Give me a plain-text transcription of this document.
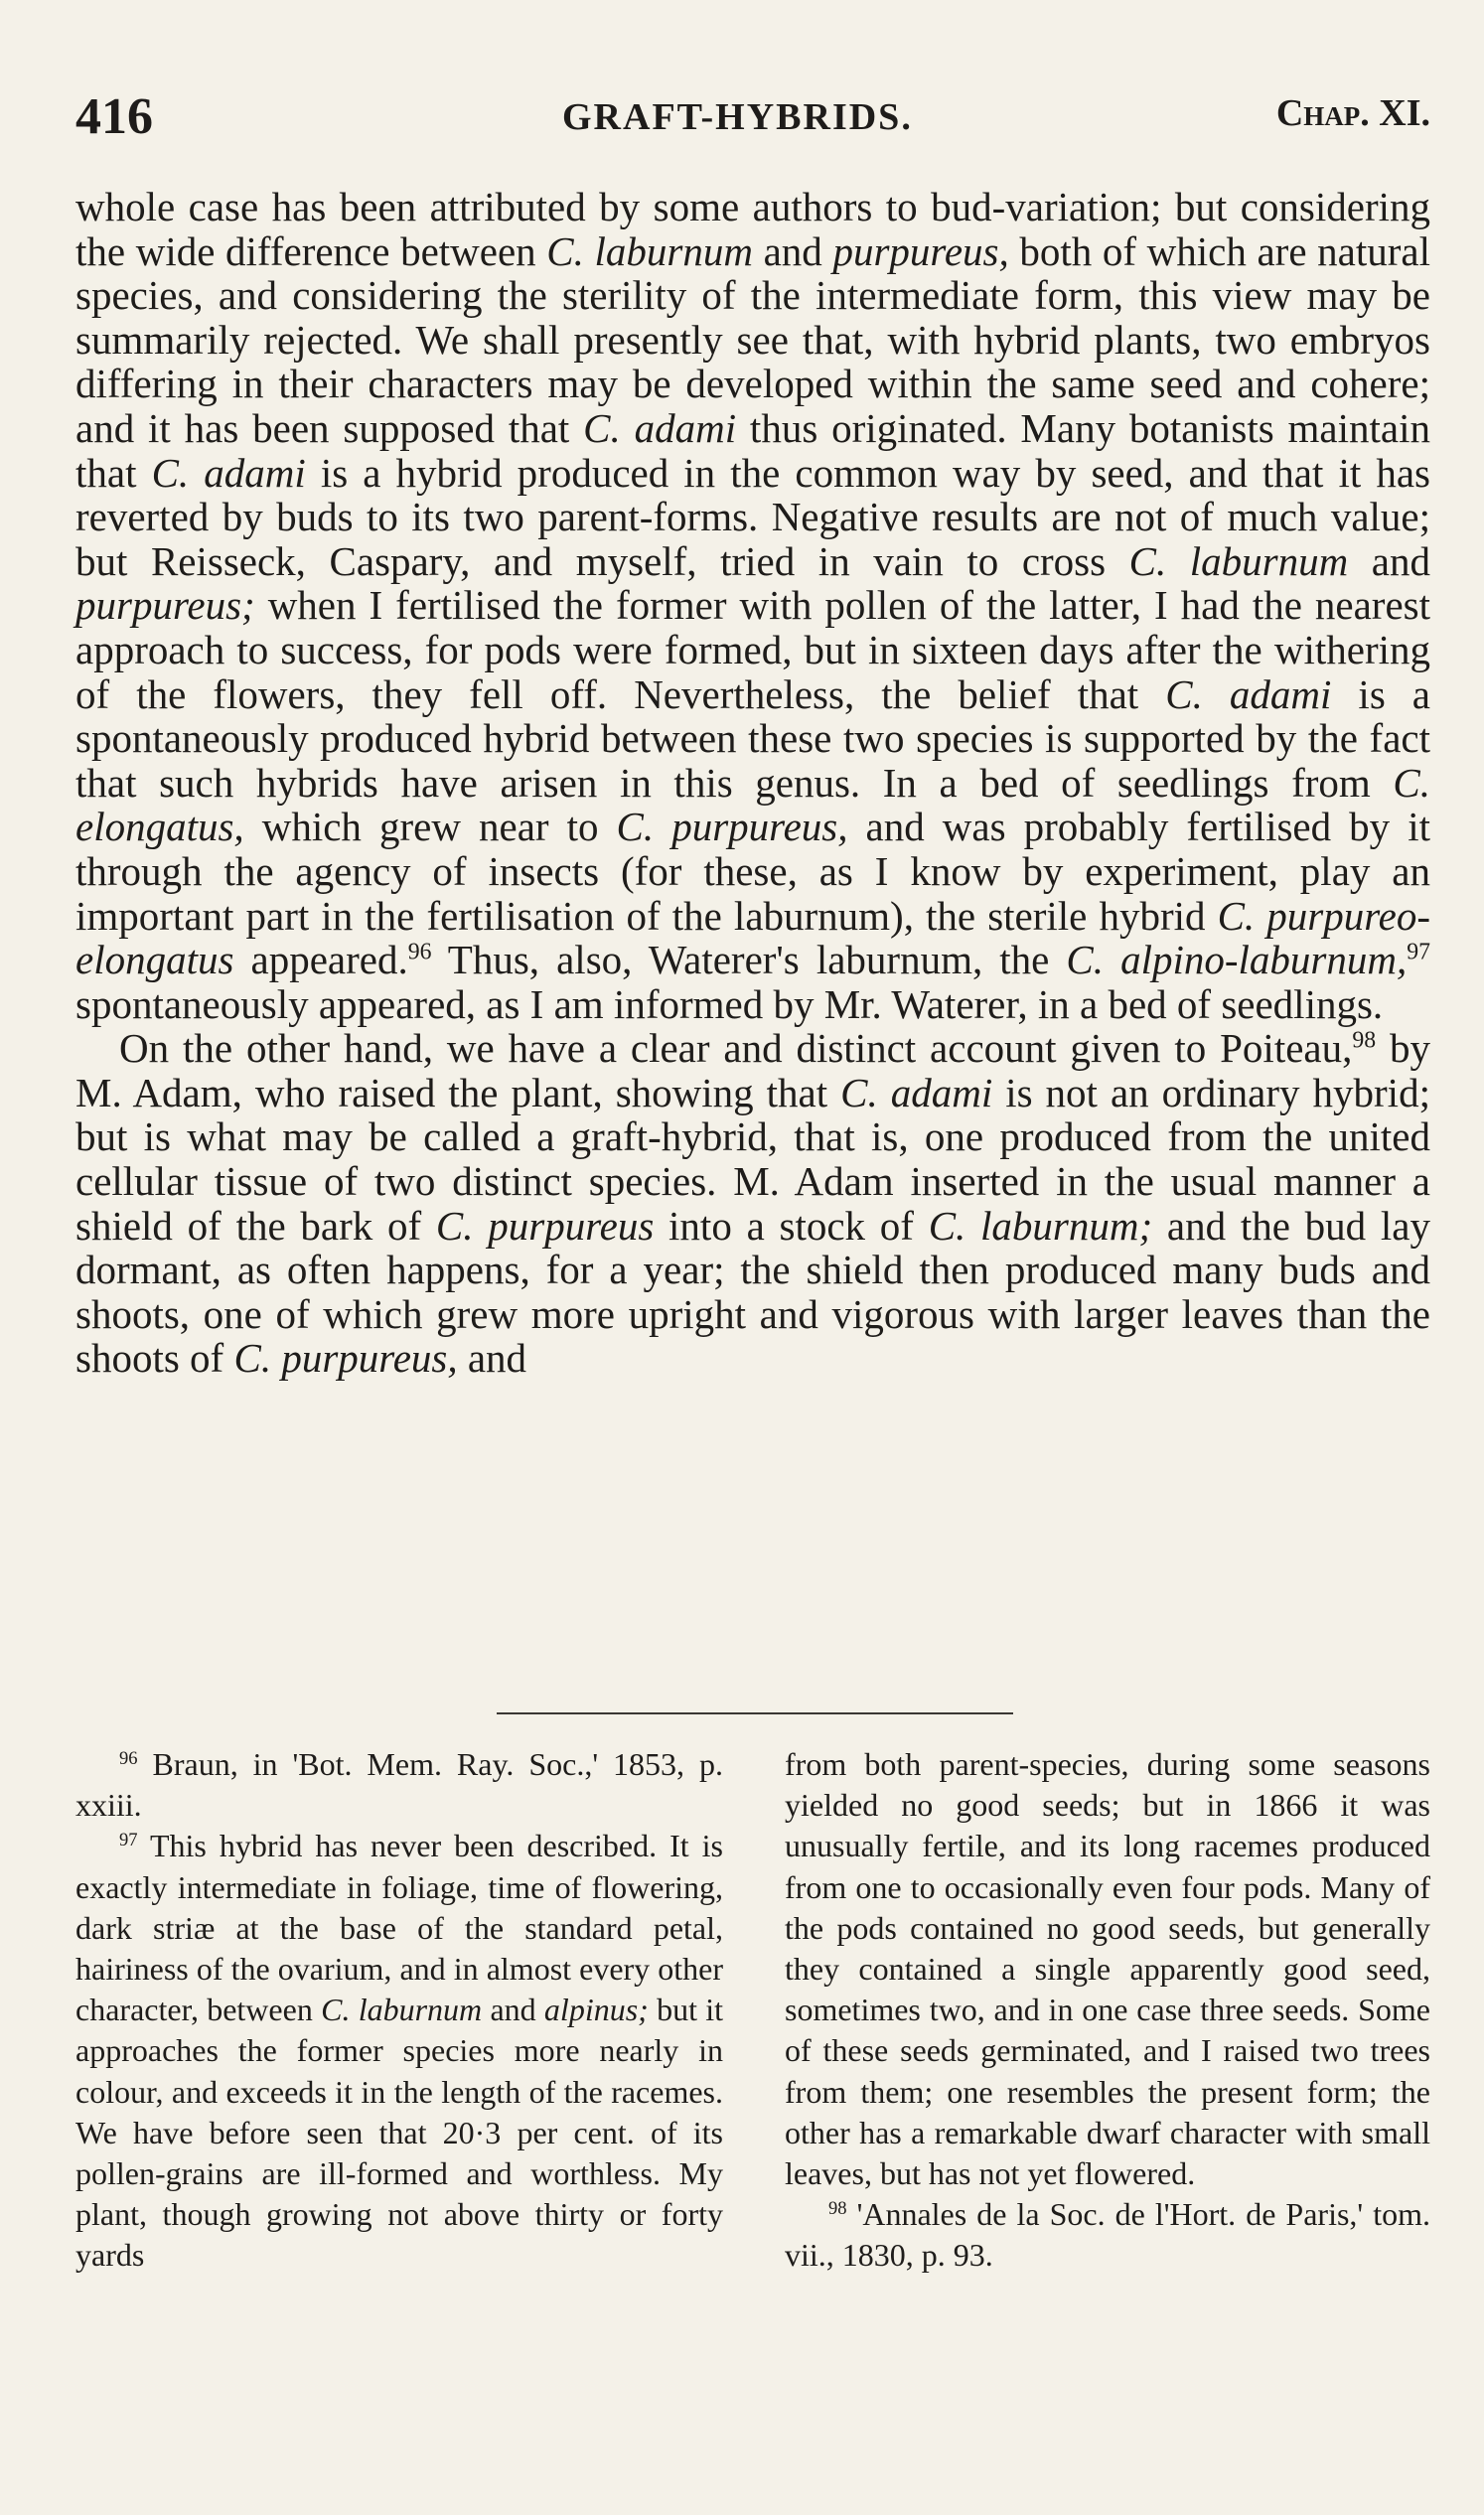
416	GRAFT-HYBRIDS.	Chap. XI.

whole case has been attributed by some authors to bud-variation; but considering the wide difference between C. laburnum and purpureus, both of which are natural species, and considering the sterility of the intermediate form, this view may be summarily rejected. We shall presently see that, with hybrid plants, two embryos differing in their characters may be developed within the same seed and cohere; and it has been supposed that C. adami thus originated. Many botanists maintain that C. adami is a hybrid produced in the common way by seed, and that it has reverted by buds to its two parent-forms. Negative results are not of much value; but Reisseck, Caspary, and myself, tried in vain to cross C. laburnum and purpureus; when I fertilised the former with pollen of the latter, I had the nearest approach to success, for pods were formed, but in sixteen days after the withering of the flowers, they fell off. Nevertheless, the belief that C. adami is a spontaneously produced hybrid between these two species is supported by the fact that such hybrids have arisen in this genus. In a bed of seedlings from C. elongatus, which grew near to C. purpureus, and was probably fertilised by it through the agency of insects (for these, as I know by experiment, play an important part in the fertilisation of the laburnum), the sterile hybrid C. purpureo-elongatus appeared.$^{96}$ Thus, also, Waterer's laburnum, the C. alpino-laburnum,$^{97}$ spontaneously appeared, as I am informed by Mr. Waterer, in a bed of seedlings.

On the other hand, we have a clear and distinct account given to Poiteau,$^{98}$ by M. Adam, who raised the plant, showing that C. adami is not an ordinary hybrid; but is what may be called a graft-hybrid, that is, one produced from the united cellular tissue of two distinct species. M. Adam inserted in the usual manner a shield of the bark of C. purpureus into a stock of C. laburnum; and the bud lay dormant, as often happens, for a year; the shield then produced many buds and shoots, one of which grew more upright and vigorous with larger leaves than the shoots of C. purpureus, and

$^{96}$ Braun, in 'Bot. Mem. Ray. Soc.,' 1853, p. xxiii.

$^{97}$ This hybrid has never been described. It is exactly intermediate in foliage, time of flowering, dark striæ at the base of the standard petal, hairiness of the ovarium, and in almost every other character, between C. laburnum and alpinus; but it approaches the former species more nearly in colour, and exceeds it in the length of the racemes. We have before seen that 20·3 per cent. of its pollen-grains are ill-formed and worthless. My plant, though growing not above thirty or forty yards

from both parent-species, during some seasons yielded no good seeds; but in 1866 it was unusually fertile, and its long racemes produced from one to occasionally even four pods. Many of the pods contained no good seeds, but generally they contained a single apparently good seed, sometimes two, and in one case three seeds. Some of these seeds germinated, and I raised two trees from them; one resembles the present form; the other has a remarkable dwarf character with small leaves, but has not yet flowered.

$^{98}$ 'Annales de la Soc. de l'Hort. de Paris,' tom. vii., 1830, p. 93.
